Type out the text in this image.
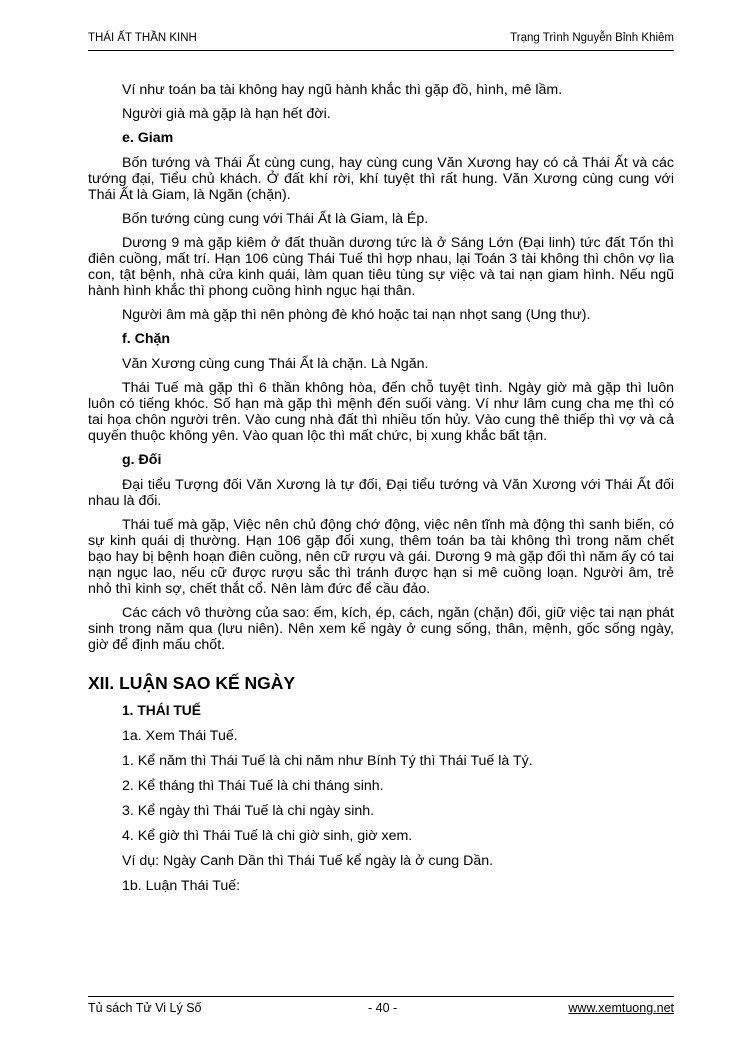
THÁI ẤT THẦN KINH	Trạng Trình Nguyễn Bỉnh Khiêm
Ví như toán ba tài không hay ngũ hành khắc thì gặp đồ, hình, mê lầm.
Người già mà gặp là hạn hết đời.
e. Giam
Bốn tướng và Thái Ất cùng cung, hay cùng cung Văn Xương hay có cả Thái Ất và các tướng đại, Tiểu chủ khách. Ở đất khí rời, khí tuyệt thì rất hung. Văn Xương cùng cung với Thái Ất là Giam, là Ngăn (chặn).
Bốn tướng cùng cung với Thái Ất là Giam, là Ép.
Dương 9 mà gặp kiêm ở đất thuần dương tức là ở Sáng Lớn (Đại linh) tức đất Tốn thì điên cuồng, mất trí. Hạn 106 cùng Thái Tuế thì hợp nhau, lại Toán 3 tài không thì chôn vợ lìa con, tật bệnh, nhà cửa kinh quái, làm quan tiêu tùng sự việc và tai nạn giam hình. Nếu ngũ hành hình khắc thì phong cuồng hình ngục hại thân.
Người âm mà gặp thì nên phòng đè khó hoặc tai nạn nhọt sang (Ung thư).
f. Chặn
Văn Xương cùng cung Thái Ất là chặn. Là Ngăn.
Thái Tuế mà gặp thì 6 thần không hòa, đến chỗ tuyệt tình. Ngày giờ mà gặp thì luôn luôn có tiếng khóc. Số hạn mà gặp thì mệnh đến suối vàng. Ví như lâm cung cha mẹ thì có tai họa chôn người trên. Vào cung nhà đất thì nhiều tốn hủy. Vào cung thê thiếp thì vợ và cả quyến thuộc không yên. Vào quan lộc thì mất chức, bị xung khắc bất tận.
g. Đối
Đại tiểu Tượng đối Văn Xương là tự đối, Đại tiểu tướng và Văn Xương với Thái Ất đối nhau là đối.
Thái tuế mà gặp, Việc nên chủ động chớ động, việc nên tĩnh mà động thì sanh biến, có sự kinh quái dị thường. Hạn 106 gặp đối xung, thêm toán ba tài không thì trong năm chết bạo hay bị bệnh hoạn điên cuồng, nên cữ rượu và gái. Dương 9 mà gặp đối thì năm ấy có tai nạn ngục lao, nếu cữ được rượu sắc thì tránh được hạn si mê cuồng loạn. Người âm, trẻ nhỏ thì kinh sợ, chết thắt cổ. Nên làm đức để cầu đảo.
Các cách vô thường của sao: ếm, kích, ép, cách, ngăn (chặn) đối, giữ việc tai nạn phát sinh trong năm qua (lưu niên). Nên xem kế ngày ở cung sống, thân, mệnh, gốc sống ngày, giờ để định mấu chốt.
XII. LUẬN SAO KẾ NGÀY
1. THÁI TUẾ
1a. Xem Thái Tuế.
1. Kể năm thì Thái Tuế là chi năm như Bính Tý thì Thái Tuế là Tý.
2. Kể tháng thì Thái Tuế là chi tháng sinh.
3. Kể ngày thì Thái Tuế là chi ngày sinh.
4. Kể giờ thì Thái Tuế là chi giờ sinh, giờ xem.
Ví dụ: Ngày Canh Dần thì Thái Tuế kể ngày là ở cung Dần.
1b. Luận Thái Tuế:
Tủ sách Tử Vi Lý Số	- 40 -	www.xemtuong.net
